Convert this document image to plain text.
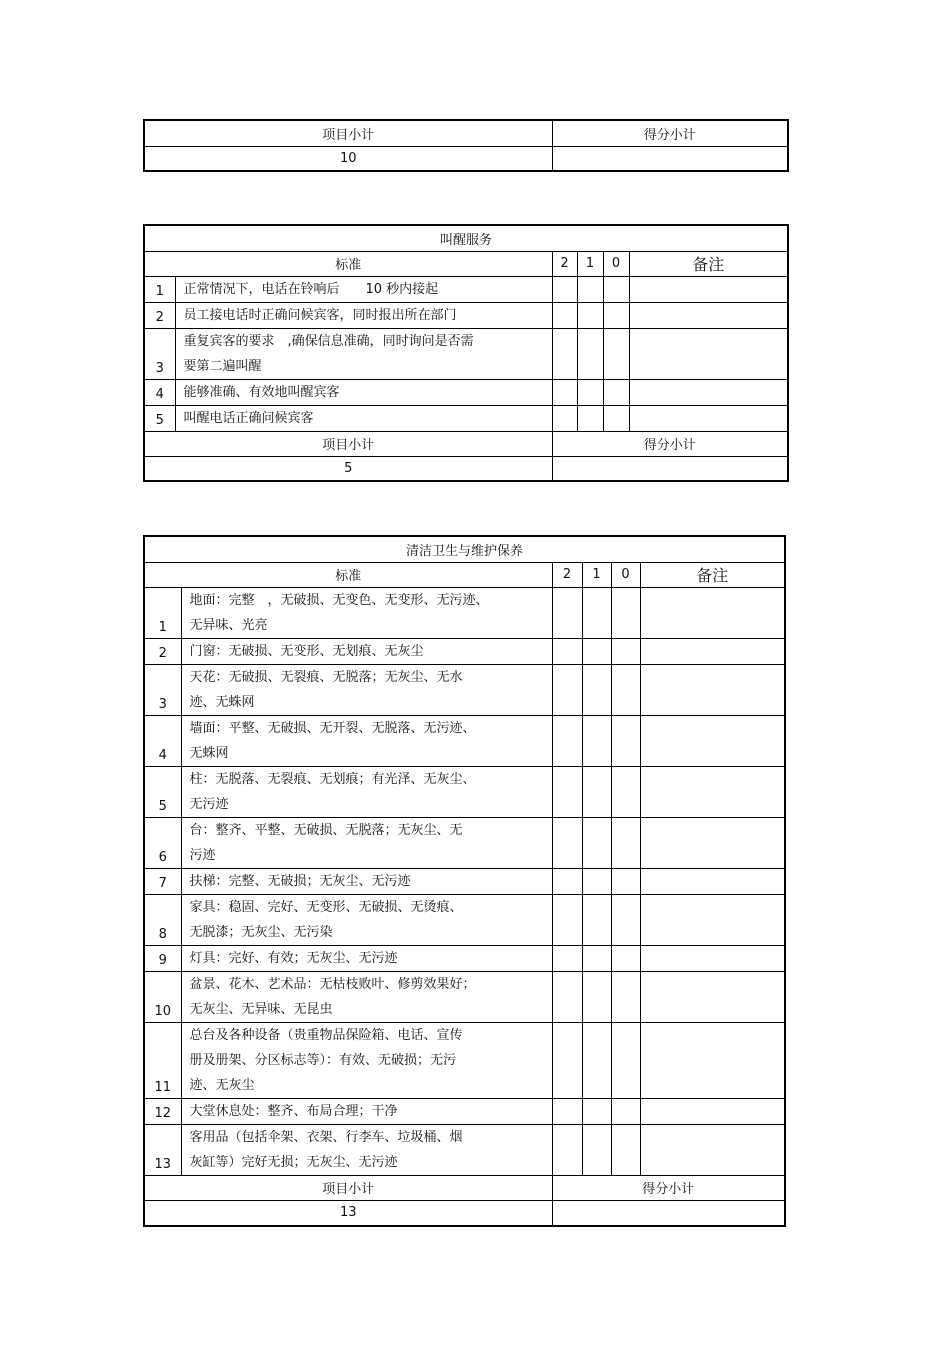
项目小计	得分小计
10	
叫醒服务					
标准		2	1	0	备注
1	正常情况下，电话在铃响后　　10 秒内接起				

2	员工接电话时正确问候宾客，同时报出所在部门				

3	重复宾客的要求　,确保信息准确，同时询问是否需
要第二遍叫醒				

4	能够准确、有效地叫醒宾客				

5	叫醒电话正确问候宾客				

项目小计		得分小计			
5					
清洁卫生与维护保养					
标准		2	1	0	备注
1	地面：完整　，无破损、无变色、无变形、无污迹、
无异味、光亮				

2	门窗：无破损、无变形、无划痕、无灰尘				

3	天花：无破损、无裂痕、无脱落；无灰尘、无水
迹、无蛛网				

4	墙面：平整、无破损、无开裂、无脱落、无污迹、
无蛛网				

5	柱：无脱落、无裂痕、无划痕；有光泽、无灰尘、
无污迹				

6	台：整齐、平整、无破损、无脱落；无灰尘、无
污迹				

7	扶梯：完整、无破损；无灰尘、无污迹				

8	家具：稳固、完好、无变形、无破损、无烫痕、
无脱漆；无灰尘、无污染				

9	灯具：完好、有效；无灰尘、无污迹				

10	盆景、花木、艺术品：无枯枝败叶、修剪效果好；
无灰尘、无异味、无昆虫				

11	总台及各种设备（贵重物品保险箱、电话、宣传
册及册架、分区标志等）：有效、无破损；无污
迹、无灰尘				

12	大堂休息处：整齐、布局合理；干净				

13	客用品（包括伞架、衣架、行李车、垃圾桶、烟
灰缸等）完好无损；无灰尘、无污迹				

项目小计		得分小计			
13					
